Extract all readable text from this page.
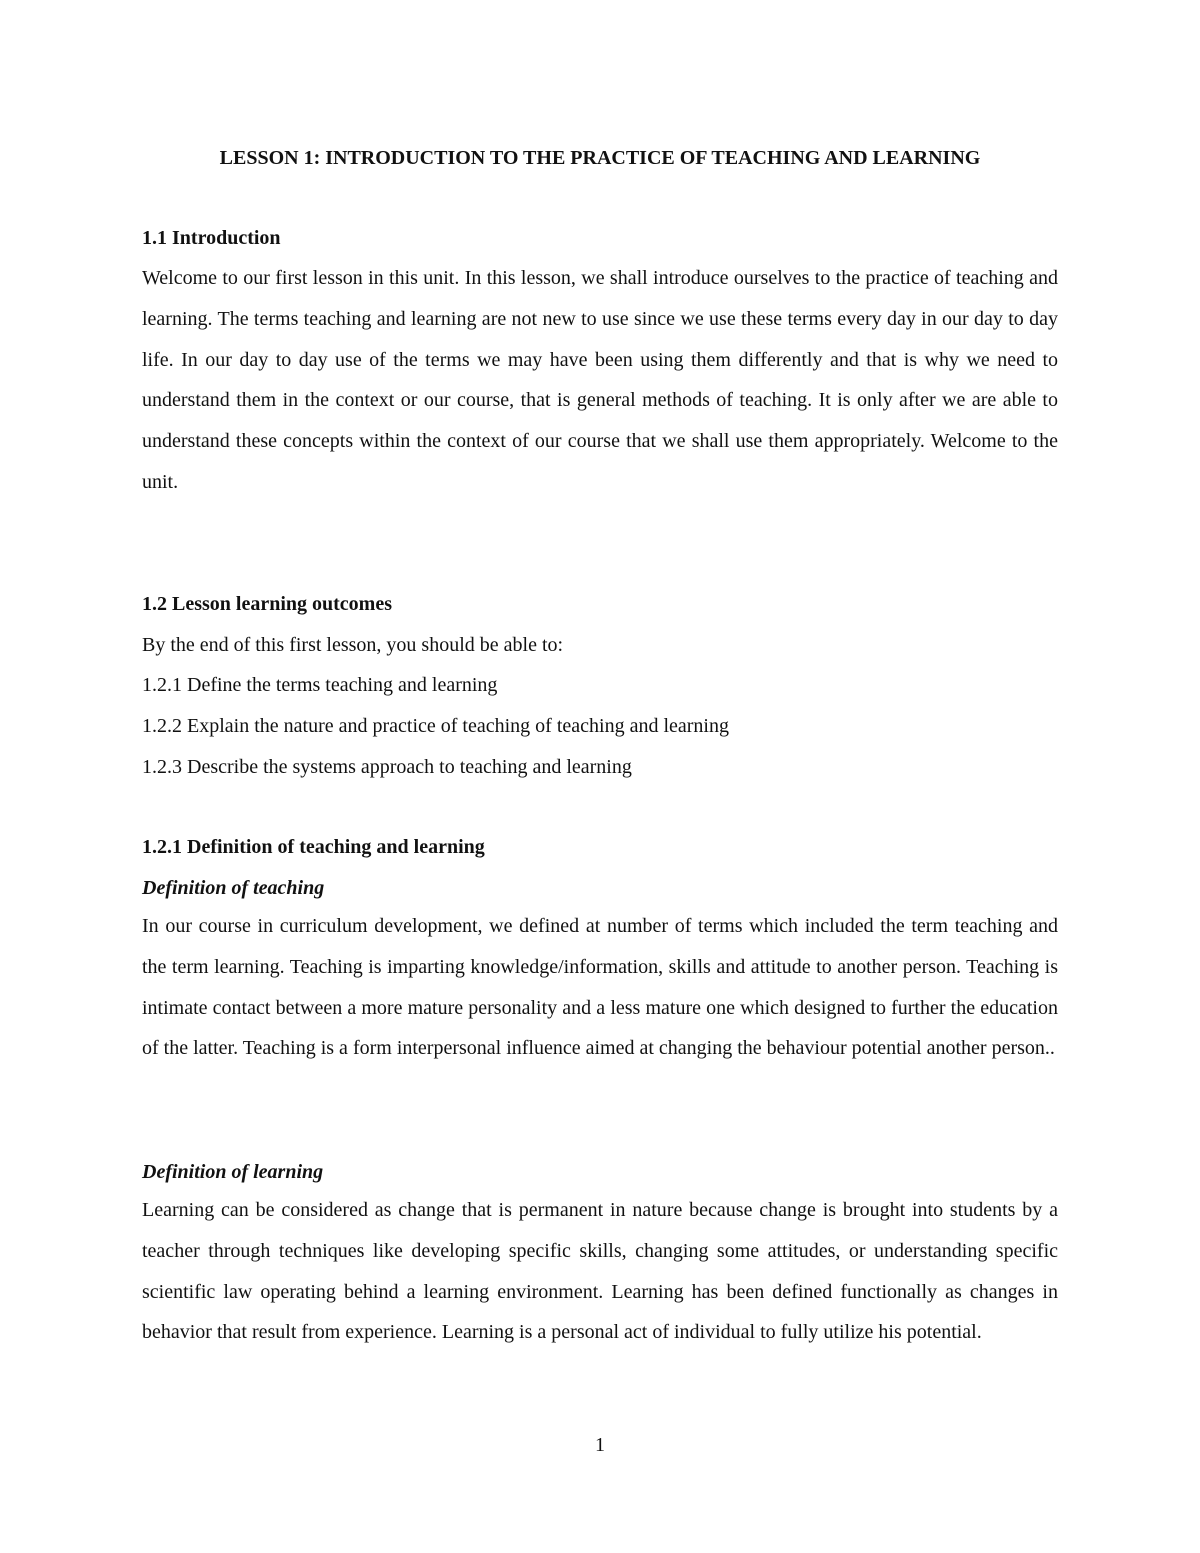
LESSON 1: INTRODUCTION TO THE PRACTICE OF TEACHING AND LEARNING
1.1 Introduction

Welcome to our first lesson in this unit. In this lesson, we shall introduce ourselves to the practice of teaching and learning. The terms teaching and learning are not new to use since we use these terms every day in our day to day life. In our day to day use of the terms we may have been using them differently and that is why we need to understand them in the context or our course, that is general methods of teaching. It is only after we are able to understand these concepts within the context of our course that we shall use them appropriately. Welcome to the unit.

1.2 Lesson learning outcomes
By the end of this first lesson, you should be able to:
1.2.1 Define the terms teaching and learning
1.2.2 Explain the nature and practice of teaching of teaching and learning
1.2.3 Describe the systems approach to teaching and learning
1.2.1 Definition of teaching and learning
Definition of teaching

In our course in curriculum development, we defined at number of terms which included the term teaching and the term learning. Teaching is imparting knowledge/information, skills and attitude to another person. Teaching is intimate contact between a more mature personality and a less mature one which designed to further the education of the latter. Teaching is a form interpersonal influence aimed at changing the behaviour potential another person..

Definition of learning

Learning can be considered as change that is permanent in nature because change is brought into students by a teacher through techniques like developing specific skills, changing some attitudes, or understanding specific scientific law operating behind a learning environment. Learning has been defined functionally as changes in behavior that result from experience. Learning is a personal act of individual to fully utilize his potential.

1
